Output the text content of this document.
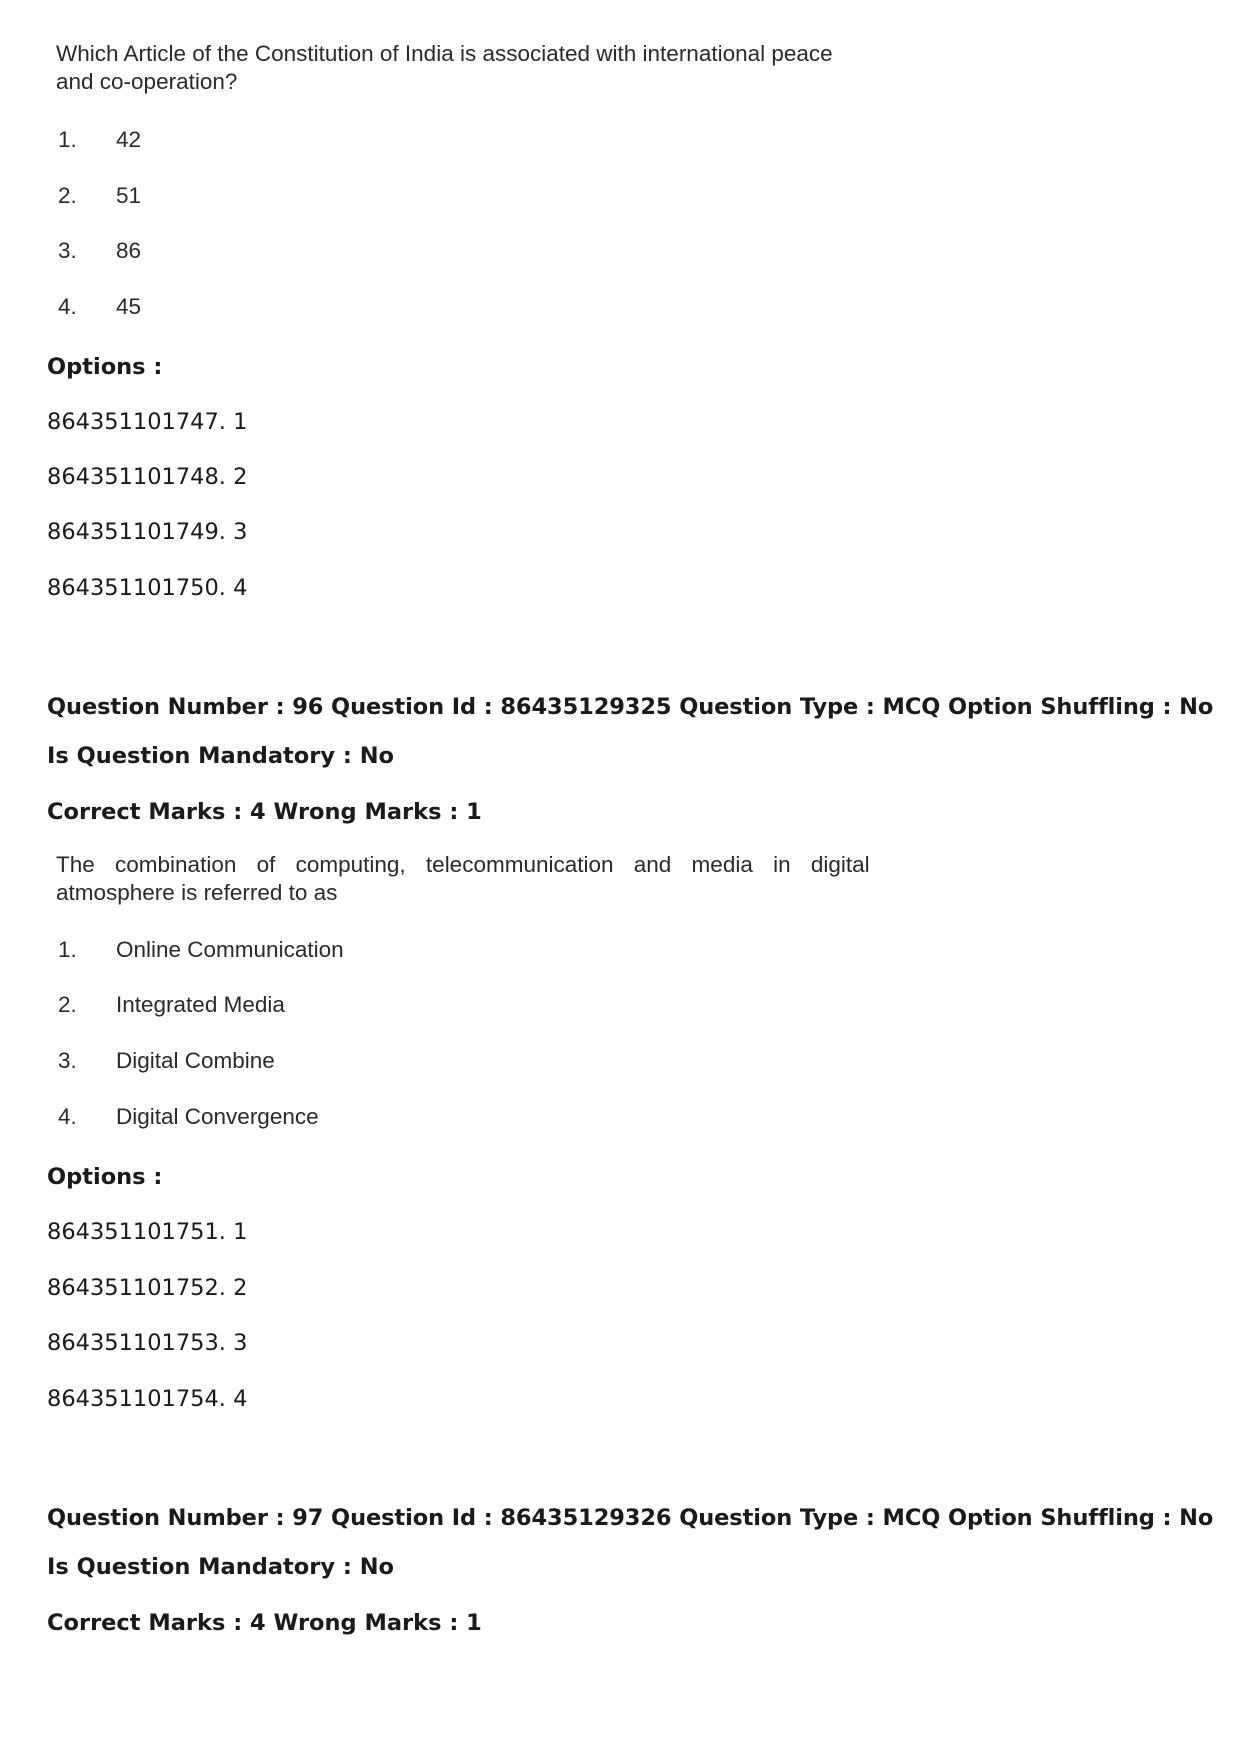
Which Article of the Constitution of India is associated with international peace
and co-operation?
1. 42
2. 51
3. 86
4. 45
Options :
864351101747. 1
864351101748. 2
864351101749. 3
864351101750. 4
Question Number : 96 Question Id : 86435129325 Question Type : MCQ Option Shuffling : No
Is Question Mandatory : No
Correct Marks : 4 Wrong Marks : 1
The combination of computing, telecommunication and media in digital
atmosphere is referred to as
1. Online Communication
2. Integrated Media
3. Digital Combine
4. Digital Convergence
Options :
864351101751. 1
864351101752. 2
864351101753. 3
864351101754. 4
Question Number : 97 Question Id : 86435129326 Question Type : MCQ Option Shuffling : No
Is Question Mandatory : No
Correct Marks : 4 Wrong Marks : 1
